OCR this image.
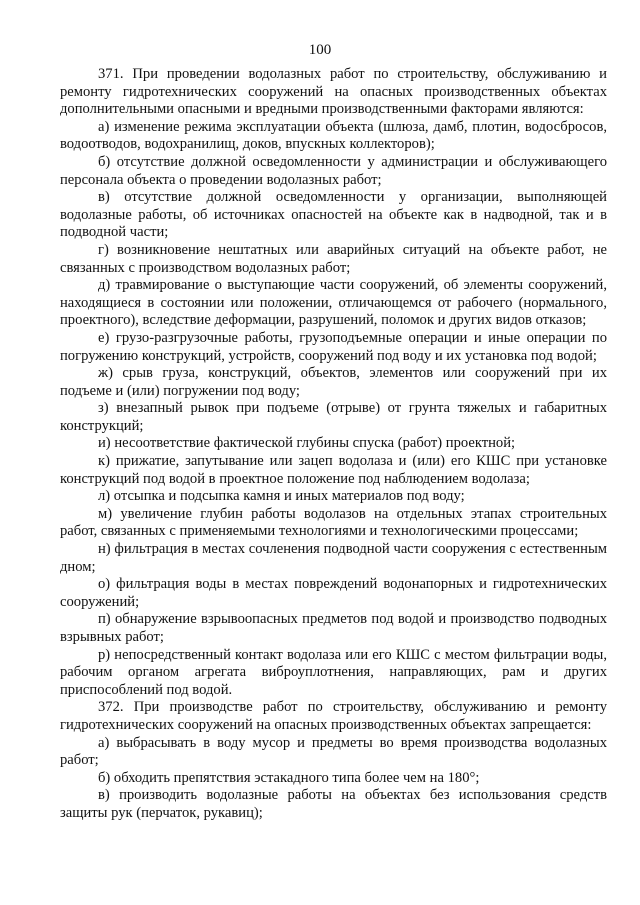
100

371. При проведении водолазных работ по строительству, обслуживанию и ремонту гидротехнических сооружений на опасных производственных объектах дополнительными опасными и вредными производственными факторами являются:

а) изменение режима эксплуатации объекта (шлюза, дамб, плотин, водосбросов, водоотводов, водохранилищ, доков, впускных коллекторов);

б) отсутствие должной осведомленности у администрации и обслуживающего персонала объекта о проведении водолазных работ;

в) отсутствие должной осведомленности у организации, выполняющей водолазные работы, об источниках опасностей на объекте как в надводной, так и в подводной части;

г) возникновение нештатных или аварийных ситуаций на объекте работ, не связанных с производством водолазных работ;

д) травмирование о выступающие части сооружений, об элементы сооружений, находящиеся в состоянии или положении, отличающемся от рабочего (нормального, проектного), вследствие деформации, разрушений, поломок и других видов отказов;

е) грузо-разгрузочные работы, грузоподъемные операции и иные операции по погружению конструкций, устройств, сооружений под воду и их установка под водой;

ж) срыв груза, конструкций, объектов, элементов или сооружений при их подъеме и (или) погружении под воду;

з) внезапный рывок при подъеме (отрыве) от грунта тяжелых и габаритных конструкций;

и) несоответствие фактической глубины спуска (работ) проектной;

к) прижатие, запутывание или зацеп водолаза и (или) его КШС при установке конструкций под водой в проектное положение под наблюдением водолаза;

л) отсыпка и подсыпка камня и иных материалов под воду;

м) увеличение глубин работы водолазов на отдельных этапах строительных работ, связанных с применяемыми технологиями и технологическими процессами;

н) фильтрация в местах сочленения подводной части сооружения с естественным дном;

о) фильтрация воды в местах повреждений водонапорных и гидротехнических сооружений;

п) обнаружение взрывоопасных предметов под водой и производство подводных взрывных работ;

р) непосредственный контакт водолаза или его КШС с местом фильтрации воды, рабочим органом агрегата виброуплотнения, направляющих, рам и других приспособлений под водой.

372. При производстве работ по строительству, обслуживанию и ремонту гидротехнических сооружений на опасных производственных объектах запрещается:

а) выбрасывать в воду мусор и предметы во время производства водолазных работ;

б) обходить препятствия эстакадного типа более чем на 180°;

в) производить водолазные работы на объектах без использования средств защиты рук (перчаток, рукавиц);
